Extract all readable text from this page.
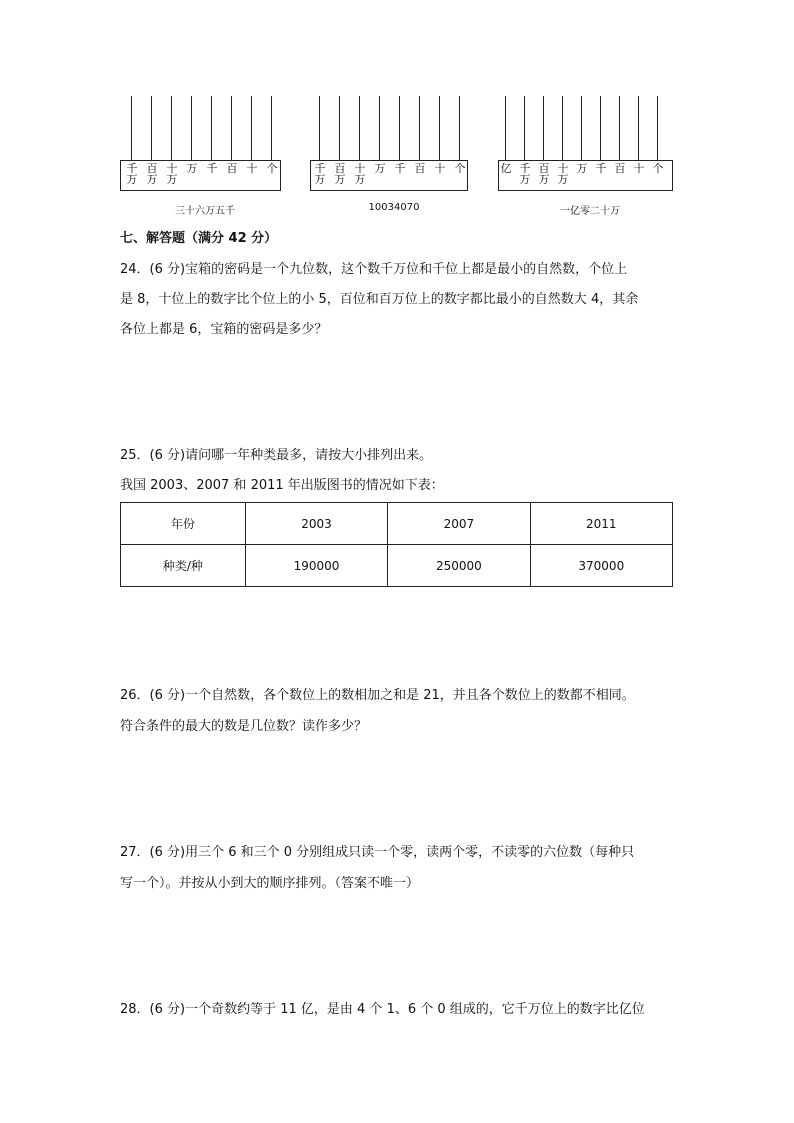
千
万
百
万
十
万
万 千 百 十 个
三十六万五千
千
万
百
万
十
万
万 千 百 十 个
10034070
亿 千
万
百
万
十
万
万 千 百 十 个
一亿零二十万
七、解答题（满分 42 分）
24．(6 分)宝箱的密码是一个九位数，这个数千万位和千位上都是最小的自然数，个位上
是 8，十位上的数字比个位上的小 5，百位和百万位上的数字都比最小的自然数大 4，其余
各位上都是 6，宝箱的密码是多少？
25．(6 分)请问哪一年种类最多，请按大小排列出来。
我国 2003、2007 和 2011 年出版图书的情况如下表：
年份	2003	2007	2011
种类/种	190000	250000	370000
26．(6 分)一个自然数，各个数位上的数相加之和是 21，并且各个数位上的数都不相同。
符合条件的最大的数是几位数？读作多少？
27．(6 分)用三个 6 和三个 0 分别组成只读一个零，读两个零，不读零的六位数（每种只
写一个）。并按从小到大的顺序排列。（答案不唯一）
28．(6 分)一个奇数约等于 11 亿，是由 4 个 1、6 个 0 组成的，它千万位上的数字比亿位
